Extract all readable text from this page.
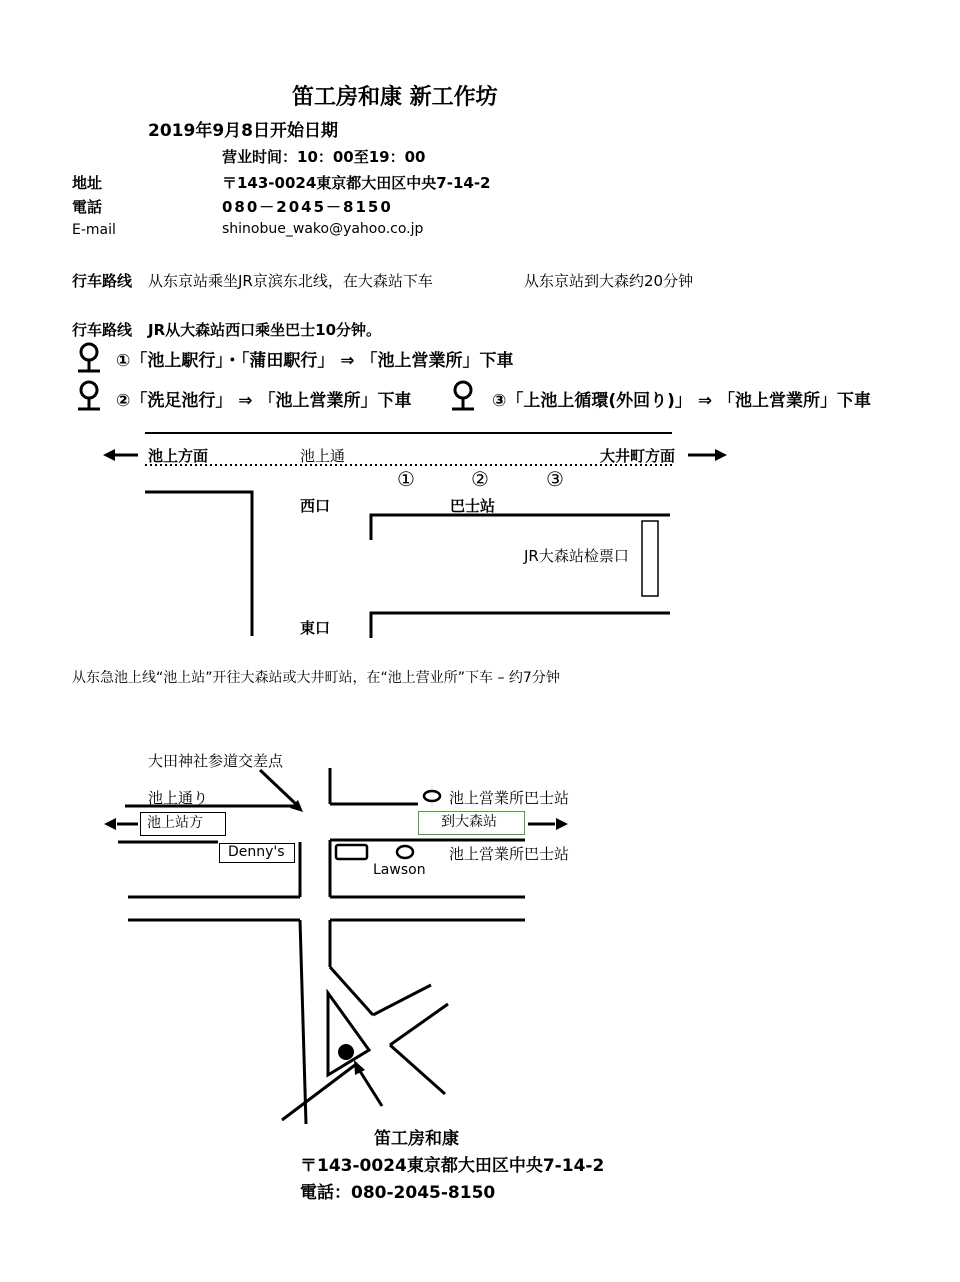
笛工房和康 新工作坊
2019年9月8日开始日期
营业时间：10：00至19：00
地址	〒143-0024東京都大田区中央7-14-2
電話	080－2045－8150
E-mail	shinobue_wako@yahoo.co.jp
行车路线 从东京站乘坐JR京滨东北线，在大森站下车	从东京站到大森约20分钟
行车路线 JR从大森站西口乘坐巴士10分钟。
①「池上駅行」・「蒲田駅行」 ⇒ 「池上営業所」下車
②「洗足池行」 ⇒ 「池上営業所」下車	③「上池上循環(外回り)」 ⇒ 「池上営業所」下車
池上方面	池上通	大井町方面
①	②	③
西口	巴士站
JR大森站检票口
東口
从东急池上线“池上站”开往大森站或大井町站，在“池上营业所”下车 – 约7分钟
大田神社参道交差点
池上通り	池上営業所巴士站
池上站方	到大森站
Denny's	池上営業所巴士站
Lawson
笛工房和康
〒143-0024東京都大田区中央7-14-2
電話：080-2045-8150
